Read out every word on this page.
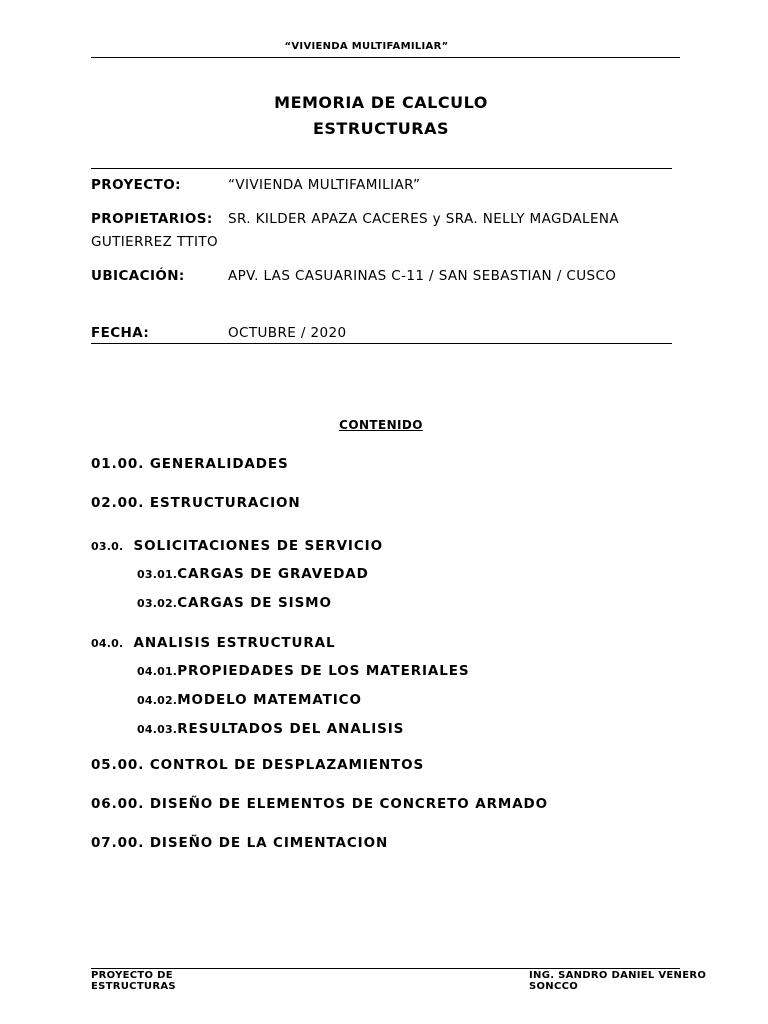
“VIVIENDA MULTIFAMILIAR”
MEMORIA DE CALCULO
ESTRUCTURAS
PROYECTO:	“VIVIENDA MULTIFAMILIAR”
PROPIETARIOS: SR. KILDER APAZA CACERES y SRA. NELLY MAGDALENA GUTIERREZ TTITO
UBICACIÓN:	APV. LAS CASUARINAS C-11 / SAN SEBASTIAN / CUSCO
FECHA:	OCTUBRE / 2020
CONTENIDO
01.00. GENERALIDADES
02.00. ESTRUCTURACION
03.0. SOLICITACIONES DE SERVICIO
03.01.CARGAS DE GRAVEDAD
03.02.CARGAS DE SISMO
04.0. ANALISIS ESTRUCTURAL
04.01.PROPIEDADES DE LOS MATERIALES
04.02.MODELO MATEMATICO
04.03.RESULTADOS DEL ANALISIS
05.00. CONTROL DE DESPLAZAMIENTOS
06.00. DISEÑO DE ELEMENTOS DE CONCRETO ARMADO
07.00. DISEÑO DE LA CIMENTACION
PROYECTO DE ESTRUCTURAS
ING. SANDRO DANIEL VENERO SONCCO
